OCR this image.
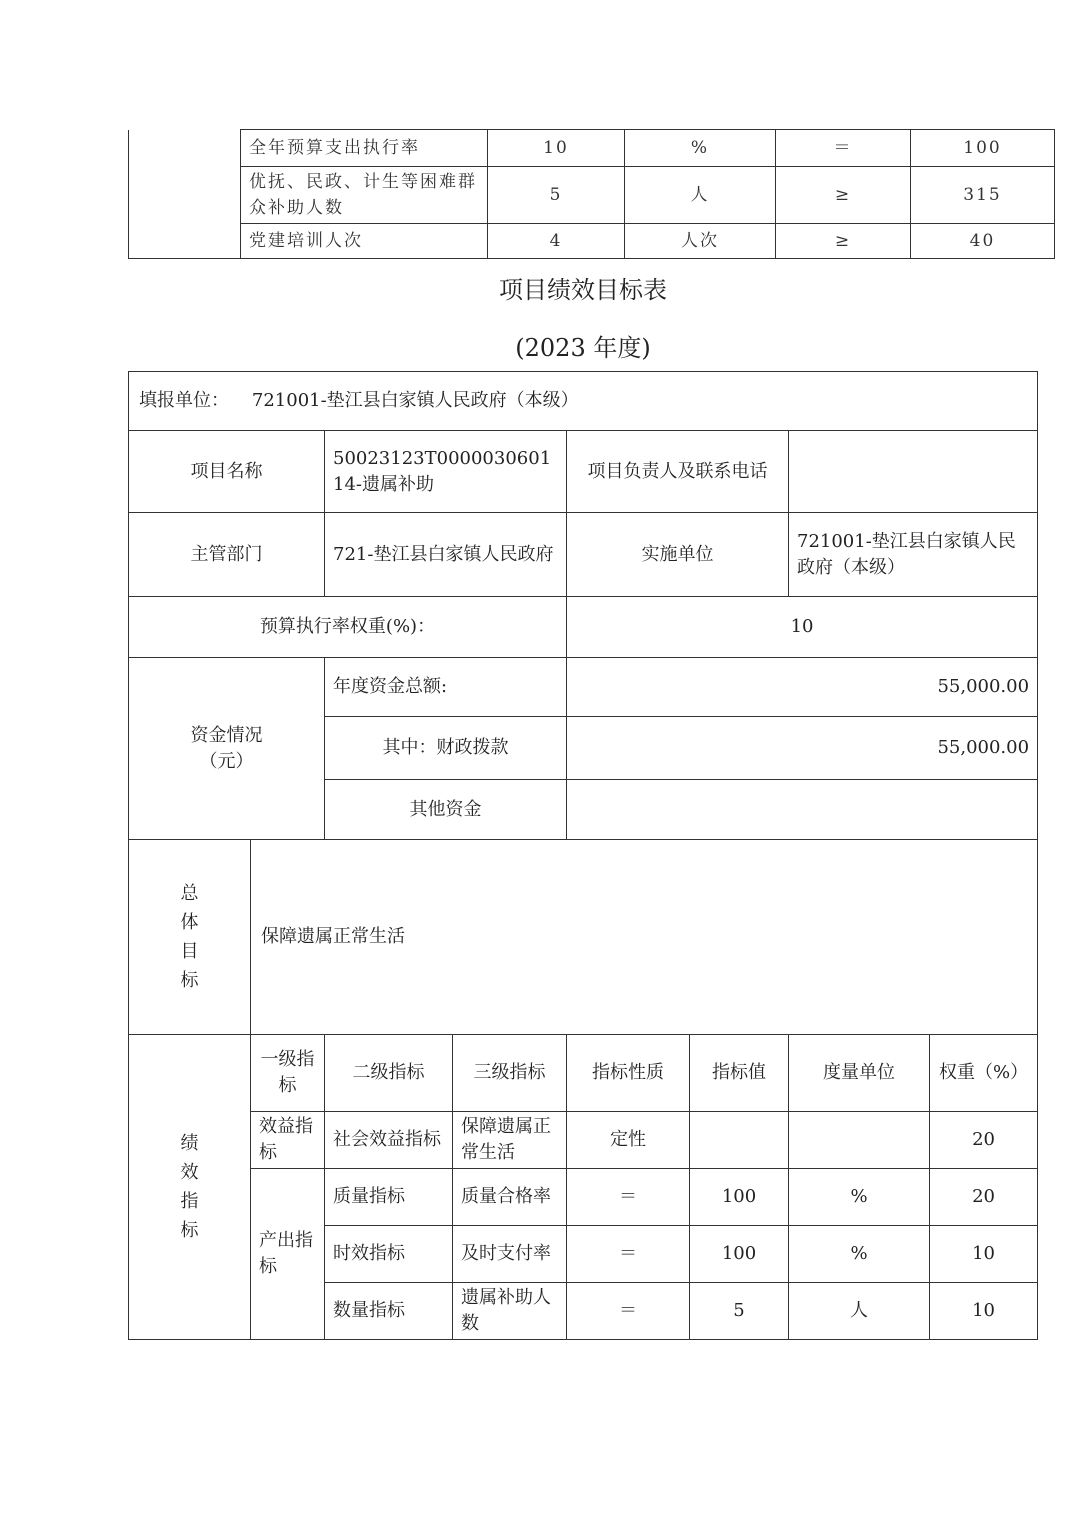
	全年预算支出执行率	10	%	＝	100
	优抚、民政、计生等困难群众补助人数	5	人	≥	315
	党建培训人次	4	人次	≥	40
项目绩效目标表
(2023 年度)
填报单位： 721001-垫江县白家镇人民政府（本级）							
项目名称		50023123T000003060114-遗属补助		项目负责人及联系电话			
主管部门		721-垫江县白家镇人民政府		实施单位		721001-垫江县白家镇人民政府（本级）	
预算执行率权重(%)：				10			

资金情况（元）		年度资金总额:		55,000.00			
		其中：财政拨款		55,000.00			
		其他资金					

总体目标	保障遗属正常生活						

绩效指标	一级指标	二级指标	三级指标	指标性质	指标值	度量单位	权重（%）
	效益指标	社会效益指标	保障遗属正常生活	定性			20
	产出指标	质量指标	质量合格率	＝	100	%	20
		时效指标	及时支付率	＝	100	%	10
		数量指标	遗属补助人数	＝	5	人	10
